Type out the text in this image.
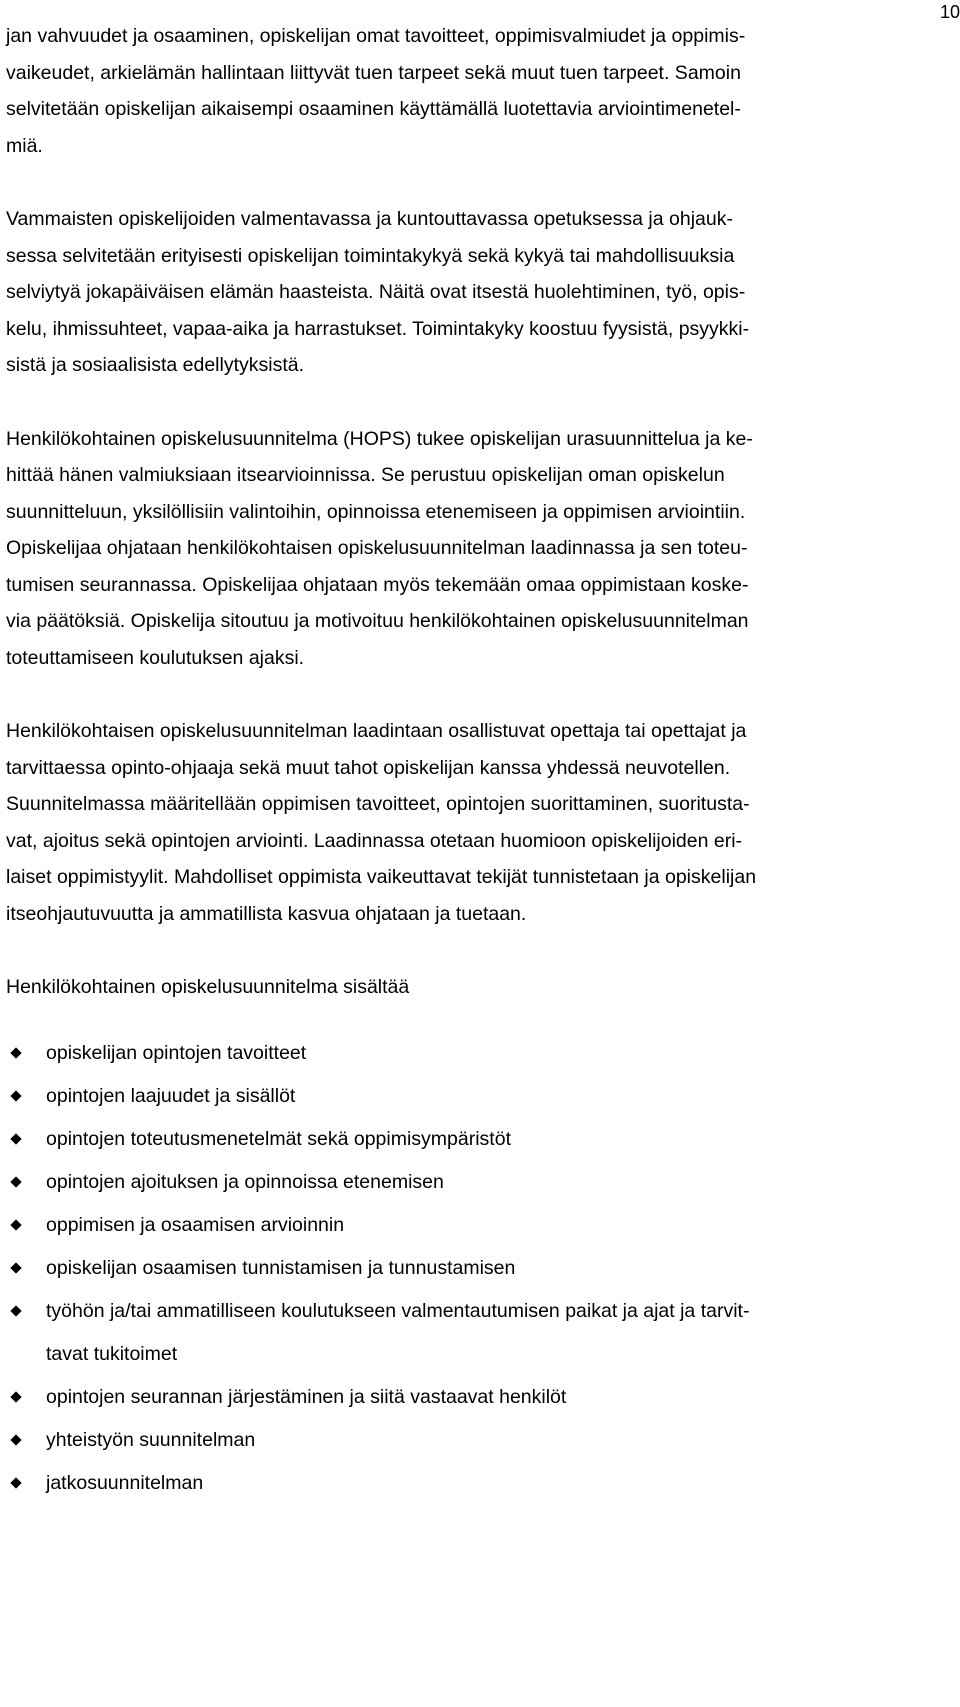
10

jan vahvuudet ja osaaminen, opiskelijan omat tavoitteet, oppimisvalmiudet ja oppimis-
vaikeudet, arkielämän hallintaan liittyvät tuen tarpeet sekä muut tuen tarpeet. Samoin
selvitetään opiskelijan aikaisempi osaaminen käyttämällä luotettavia arviointimenetel-
miä.

Vammaisten opiskelijoiden valmentavassa ja kuntouttavassa opetuksessa ja ohjauk-
sessa selvitetään erityisesti opiskelijan toimintakykyä sekä kykyä tai mahdollisuuksia
selviytyä jokapäiväisen elämän haasteista. Näitä ovat itsestä huolehtiminen, työ, opis-
kelu, ihmissuhteet, vapaa-aika ja harrastukset. Toimintakyky koostuu fyysistä, psyykki-
sistä ja sosiaalisista edellytyksistä.

Henkilökohtainen opiskelusuunnitelma (HOPS) tukee opiskelijan urasuunnittelua ja ke-
hittää hänen valmiuksiaan itsearvioinnissa. Se perustuu opiskelijan oman opiskelun
suunnitteluun, yksilöllisiin valintoihin, opinnoissa etenemiseen ja oppimisen arviointiin.
Opiskelijaa ohjataan henkilökohtaisen opiskelusuunnitelman laadinnassa ja sen toteu-
tumisen seurannassa. Opiskelijaa ohjataan myös tekemään omaa oppimistaan koske-
via päätöksiä. Opiskelija sitoutuu ja motivoituu henkilökohtainen opiskelusuunnitelman
toteuttamiseen koulutuksen ajaksi.

Henkilökohtaisen opiskelusuunnitelman laadintaan osallistuvat opettaja tai opettajat ja
tarvittaessa opinto-ohjaaja sekä muut tahot opiskelijan kanssa yhdessä neuvotellen.
Suunnitelmassa määritellään oppimisen tavoitteet, opintojen suorittaminen, suoritusta-
vat, ajoitus sekä opintojen arviointi. Laadinnassa otetaan huomioon opiskelijoiden eri-
laiset oppimistyylit. Mahdolliset oppimista vaikeuttavat tekijät tunnistetaan ja opiskelijan
itseohjautuvuutta ja ammatillista kasvua ohjataan ja tuetaan.

Henkilökohtainen opiskelusuunnitelma sisältää

opiskelijan opintojen tavoitteet
opintojen laajuudet ja sisällöt
opintojen toteutusmenetelmät sekä oppimisympäristöt
opintojen ajoituksen ja opinnoissa etenemisen
oppimisen ja osaamisen arvioinnin
opiskelijan osaamisen tunnistamisen ja tunnustamisen
työhön ja/tai ammatilliseen koulutukseen valmentautumisen paikat ja ajat ja tarvit-
tavat tukitoimet
opintojen seurannan järjestäminen ja siitä vastaavat henkilöt
yhteistyön suunnitelman
jatkosuunnitelman
